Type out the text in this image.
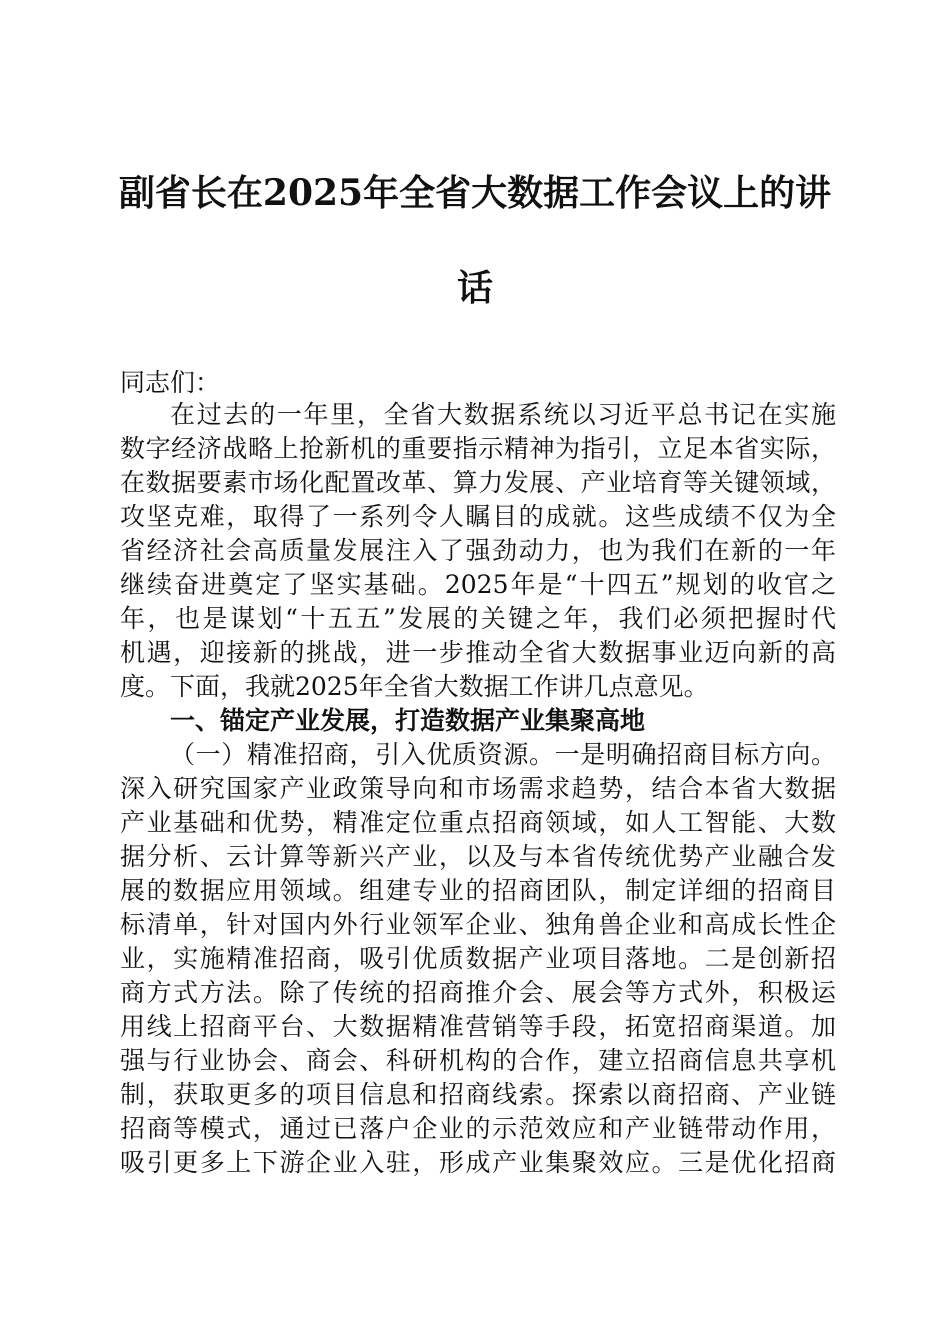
副省长在2025年全省大数据工作会议上的讲
话
同志们：
在过去的一年里，全省大数据系统以习近平总书记在实施
数字经济战略上抢新机的重要指示精神为指引，立足本省实际，
在数据要素市场化配置改革、算力发展、产业培育等关键领域，
攻坚克难，取得了一系列令人瞩目的成就。这些成绩不仅为全
省经济社会高质量发展注入了强劲动力，也为我们在新的一年
继续奋进奠定了坚实基础。2025年是“十四五”规划的收官之
年，也是谋划“十五五”发展的关键之年，我们必须把握时代
机遇，迎接新的挑战，进一步推动全省大数据事业迈向新的高
度。下面，我就2025年全省大数据工作讲几点意见。
一、锚定产业发展，打造数据产业集聚高地
（一）精准招商，引入优质资源。一是明确招商目标方向。
深入研究国家产业政策导向和市场需求趋势，结合本省大数据
产业基础和优势，精准定位重点招商领域，如人工智能、大数
据分析、云计算等新兴产业，以及与本省传统优势产业融合发
展的数据应用领域。组建专业的招商团队，制定详细的招商目
标清单，针对国内外行业领军企业、独角兽企业和高成长性企
业，实施精准招商，吸引优质数据产业项目落地。二是创新招
商方式方法。除了传统的招商推介会、展会等方式外，积极运
用线上招商平台、大数据精准营销等手段，拓宽招商渠道。加
强与行业协会、商会、科研机构的合作，建立招商信息共享机
制，获取更多的项目信息和招商线索。探索以商招商、产业链
招商等模式，通过已落户企业的示范效应和产业链带动作用，
吸引更多上下游企业入驻，形成产业集聚效应。三是优化招商
